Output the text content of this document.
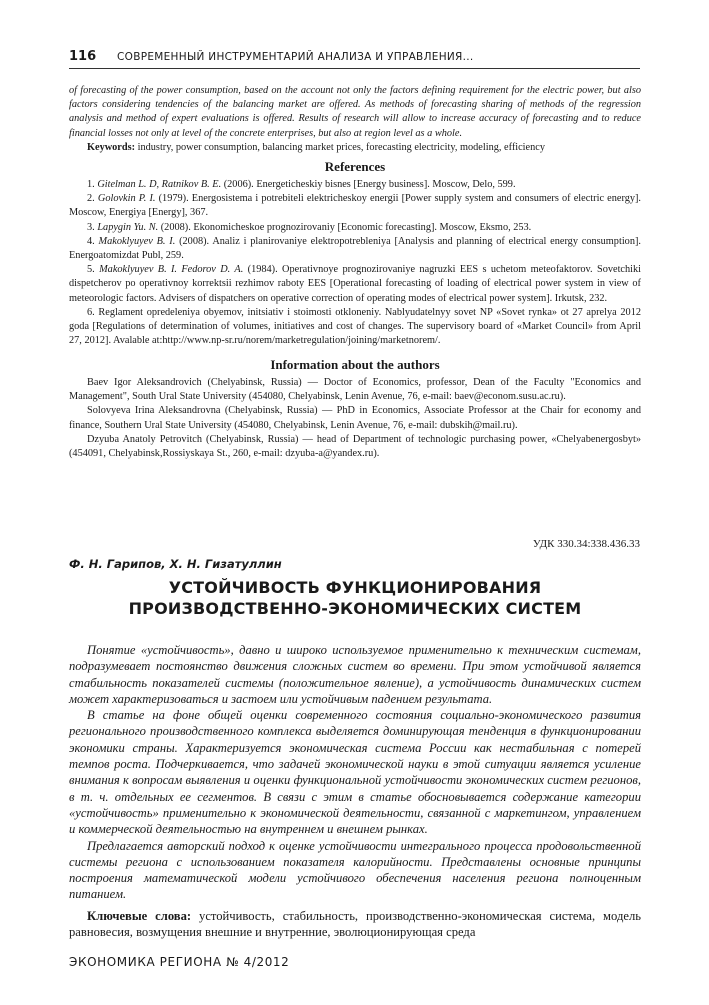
116 СОВРЕМЕННЫЙ ИНСТРУМЕНТАРИЙ АНАЛИЗА И УПРАВЛЕНИЯ...

of forecasting of the power consumption, based on the account not only the factors defining requirement for the electric power, but also factors considering tendencies of the balancing market are offered. As methods of forecasting sharing of methods of the regression analysis and method of expert evaluations is offered. Results of research will allow to increase accuracy of forecasting and to reduce financial losses not only at level of the concrete enterprises, but also at region level as a whole.

Keywords: industry, power consumption, balancing market prices, forecasting electricity, modeling, efficiency

References

1. Gitelman L. D, Ratnikov B. E. (2006). Energeticheskiy bisnes [Energy business]. Moscow, Delo, 599.

2. Golovkin P. I. (1979). Energosistema i potrebiteli elektricheskoy energii [Power supply system and consumers of electric energy]. Moscow, Energiya [Energy], 367.

3. Lapygin Yu. N. (2008). Ekonomicheskoe prognozirovaniy [Economic forecasting]. Moscow, Eksmo, 253.

4. Makoklyuyev B. I. (2008). Analiz i planirovaniye elektropotrebleniya [Analysis and planning of electrical energy consumption]. Energoatomizdat Publ, 259.

5. Makoklyuyev B. I. Fedorov D. A. (1984). Operativnoye prognozirovaniye nagruzki EES s uchetom meteofaktorov. Sovetchiki dispetcherov po operativnoy korrektsii rezhimov raboty EES [Operational forecasting of loading of electrical power system in view of meteorologic factors. Advisers of dispatchers on operative correction of operating modes of electrical power system]. Irkutsk, 232.

6. Reglament opredeleniya obyemov, initsiativ i stoimosti otkloneniy. Nablyudatelnyy sovet NP «Sovet rynka» ot 27 aprelya 2012 goda [Regulations of determination of volumes, initiatives and cost of changes. The supervisory board of «Market Council» from April 27, 2012]. Avalable at:http://www.np-sr.ru/norem/marketregulation/joining/marketnorem/.

Information about the authors

Baev Igor Aleksandrovich (Chelyabinsk, Russia) — Doctor of Economics, professor, Dean of the Faculty "Economics and Management", South Ural State University (454080, Chelyabinsk, Lenin Avenue, 76, e-mail: baev@econom.susu.ac.ru).

Solovyeva Irina Aleksandrovna (Chelyabinsk, Russia) — PhD in Economics, Associate Professor at the Chair for economy and finance, Southern Ural State University (454080, Chelyabinsk, Lenin Avenue, 76, e-mail: dubskih@mail.ru).

Dzyuba Anatoly Petrovitch (Chelyabinsk, Russia) — head of Department of technologic purchasing power, «Chelyabenergosbyt» (454091, Chelyabinsk,Rossiyskaya St., 260, e-mail: dzyuba-a@yandex.ru).

УДК 330.34:338.436.33
Ф. Н. Гарипов, Х. Н. Гизатуллин
УСТОЙЧИВОСТЬ ФУНКЦИОНИРОВАНИЯ
ПРОИЗВОДСТВЕННО-ЭКОНОМИЧЕСКИХ СИСТЕМ

Понятие «устойчивость», давно и широко используемое применительно к техническим системам, подразумевает постоянство движения сложных систем во времени. При этом устойчивой является стабильность показателей системы (положительное явление), а устойчивость динамических систем может характеризоваться и застоем или устойчивым падением результата.

В статье на фоне общей оценки современного состояния социально-экономического развития регионального производственного комплекса выделяется доминирующая тенденция в функционировании экономики страны. Характеризуется экономическая система России как нестабильная с потерей темпов роста. Подчеркивается, что задачей экономической науки в этой ситуации является усиление внимания к вопросам выявления и оценки функциональной устойчивости экономических систем регионов, в т. ч. отдельных ее сегментов. В связи с этим в статье обосновывается содержание категории «устойчивость» применительно к экономической деятельности, связанной с маркетингом, управлением и коммерческой деятельностью на внутреннем и внешнем рынках.

Предлагается авторский подход к оценке устойчивости интегрального процесса продовольственной системы региона с использованием показателя калорийности. Представлены основные принципы построения математической модели устойчивого обеспечения населения региона полноценным питанием.

Ключевые слова: устойчивость, стабильность, производственно-экономическая система, модель равновесия, возмущения внешние и внутренние, эволюционирующая среда

ЭКОНОМИКА РЕГИОНА № 4/2012
